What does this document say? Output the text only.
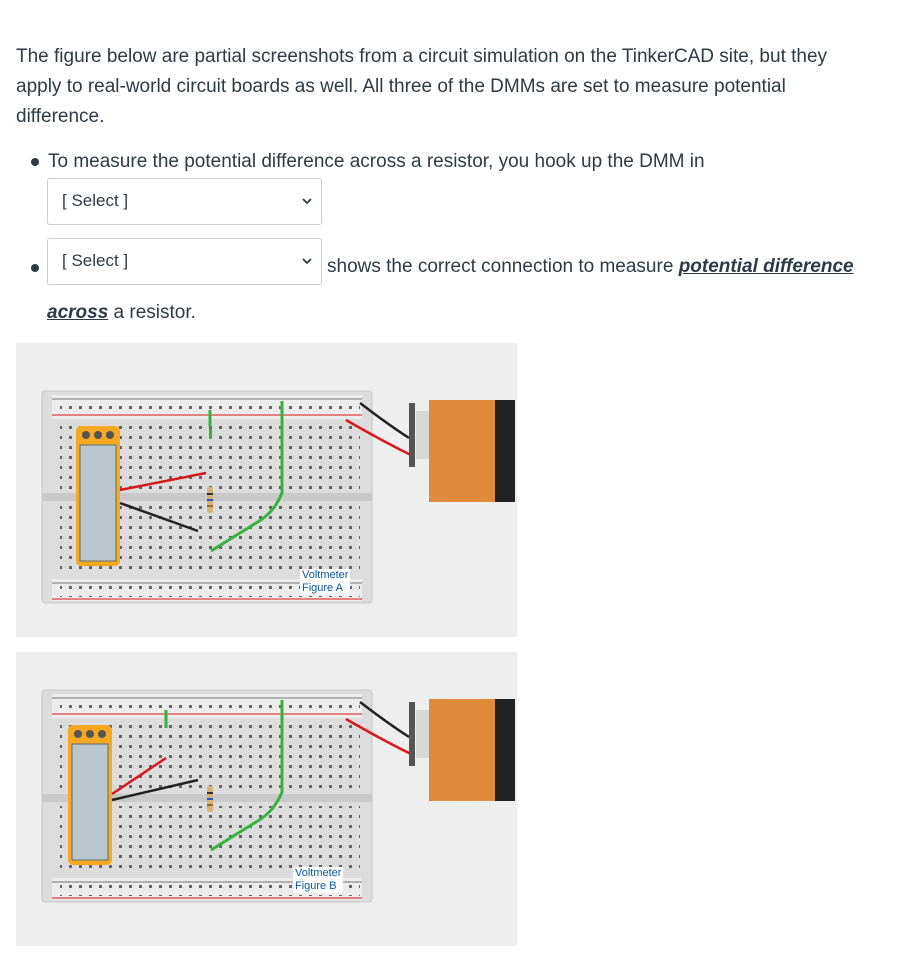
The figure below are partial screenshots from a circuit simulation on the TinkerCAD site, but they
apply to real-world circuit boards as well. All three of the DMMs are set to measure potential
difference.
To measure the potential difference across a resistor, you hook up the DMM in
[ Select ]
[ Select ]	shows the correct connection to measure potential difference
across a resistor.
Voltmeter
Figure A
Voltmeter
Figure B
